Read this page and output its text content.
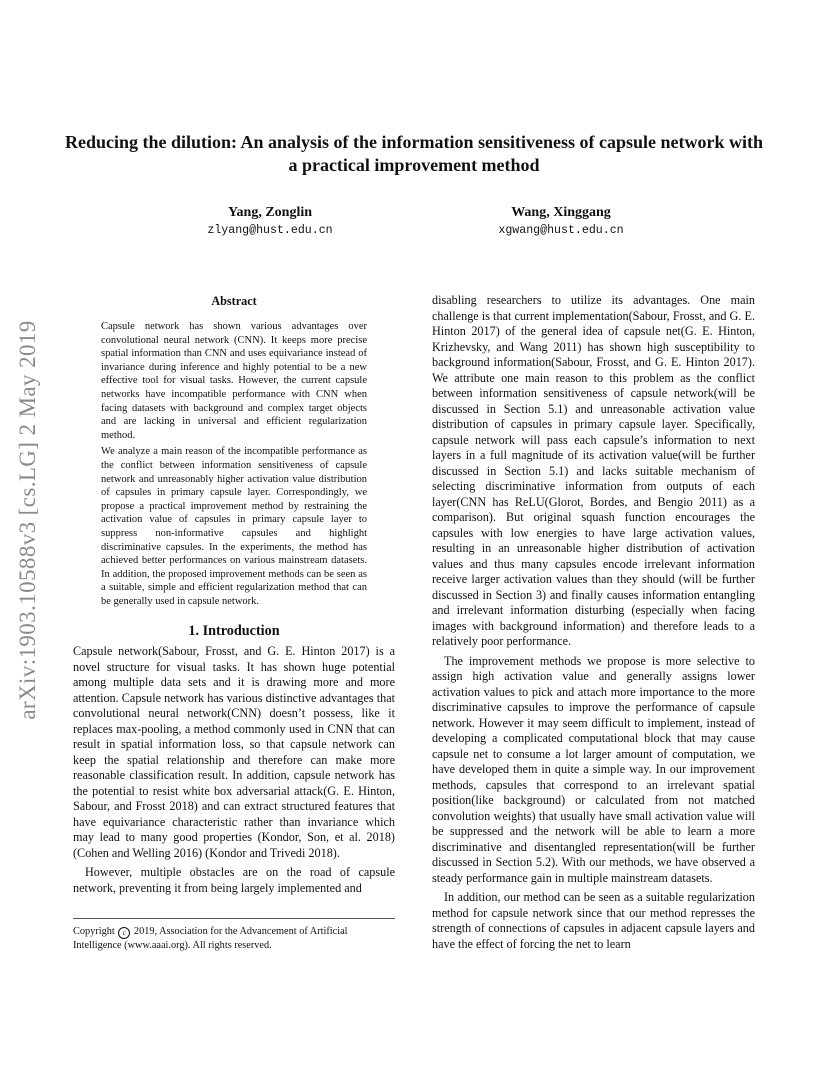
arXiv:1903.10588v3 [cs.LG] 2 May 2019
Reducing the dilution: An analysis of the information sensitiveness of capsule network with a practical improvement method
Yang, Zonglin
zlyang@hust.edu.cn
Wang, Xinggang
xgwang@hust.edu.cn
Abstract

Capsule network has shown various advantages over convolutional neural network (CNN). It keeps more precise spatial information than CNN and uses equivariance instead of invariance during inference and highly potential to be a new effective tool for visual tasks. However, the current capsule networks have incompatible performance with CNN when facing datasets with background and complex target objects and are lacking in universal and efficient regularization method.

We analyze a main reason of the incompatible performance as the conflict between information sensitiveness of capsule network and unreasonably higher activation value distribution of capsules in primary capsule layer. Correspondingly, we propose a practical improvement method by restraining the activation value of capsules in primary capsule layer to suppress non-informative capsules and highlight discriminative capsules. In the experiments, the method has achieved better performances on various mainstream datasets. In addition, the proposed improvement methods can be seen as a suitable, simple and efficient regularization method that can be generally used in capsule network.

1. Introduction

Capsule network(Sabour, Frosst, and G. E. Hinton 2017) is a novel structure for visual tasks. It has shown huge potential among multiple data sets and it is drawing more and more attention. Capsule network has various distinctive advantages that convolutional neural network(CNN) doesn’t possess, like it replaces max-pooling, a method commonly used in CNN that can result in spatial information loss, so that capsule network can keep the spatial relationship and therefore can make more reasonable classification result. In addition, capsule network has the potential to resist white box adversarial attack(G. E. Hinton, Sabour, and Frosst 2018) and can extract structured features that have equivariance characteristic rather than invariance which may lead to many good properties (Kondor, Son, et al. 2018) (Cohen and Welling 2016) (Kondor and Trivedi 2018).

However, multiple obstacles are on the road of capsule network, preventing it from being largely implemented and

disabling researchers to utilize its advantages. One main challenge is that current implementation(Sabour, Frosst, and G. E. Hinton 2017) of the general idea of capsule net(G. E. Hinton, Krizhevsky, and Wang 2011) has shown high susceptibility to background information(Sabour, Frosst, and G. E. Hinton 2017). We attribute one main reason to this problem as the conflict between information sensitiveness of capsule network(will be discussed in Section 5.1) and unreasonable activation value distribution of capsules in primary capsule layer. Specifically, capsule network will pass each capsule’s information to next layers in a full magnitude of its activation value(will be further discussed in Section 5.1) and lacks suitable mechanism of selecting discriminative information from outputs of each layer(CNN has ReLU(Glorot, Bordes, and Bengio 2011) as a comparison). But original squash function encourages the capsules with low energies to have large activation values, resulting in an unreasonable higher distribution of activation values and thus many capsules encode irrelevant information receive larger activation values than they should (will be further discussed in Section 3) and finally causes information entangling and irrelevant information disturbing (especially when facing images with background information) and therefore leads to a relatively poor performance.

The improvement methods we propose is more selective to assign high activation value and generally assigns lower activation values to pick and attach more importance to the more discriminative capsules to improve the performance of capsule network. However it may seem difficult to implement, instead of developing a complicated computational block that may cause capsule net to consume a lot larger amount of computation, we have developed them in quite a simple way. In our improvement methods, capsules that correspond to an irrelevant spatial position(like background) or calculated from not matched convolution weights) that usually have small activation value will be suppressed and the network will be able to learn a more discriminative and disentangled representation(will be further discussed in Section 5.2). With our methods, we have observed a steady performance gain in multiple mainstream datasets.

In addition, our method can be seen as a suitable regularization method for capsule network since that our method represses the strength of connections of capsules in adjacent capsule layers and have the effect of forcing the net to learn

Copyright c 2019, Association for the Advancement of Artificial Intelligence (www.aaai.org). All rights reserved.
